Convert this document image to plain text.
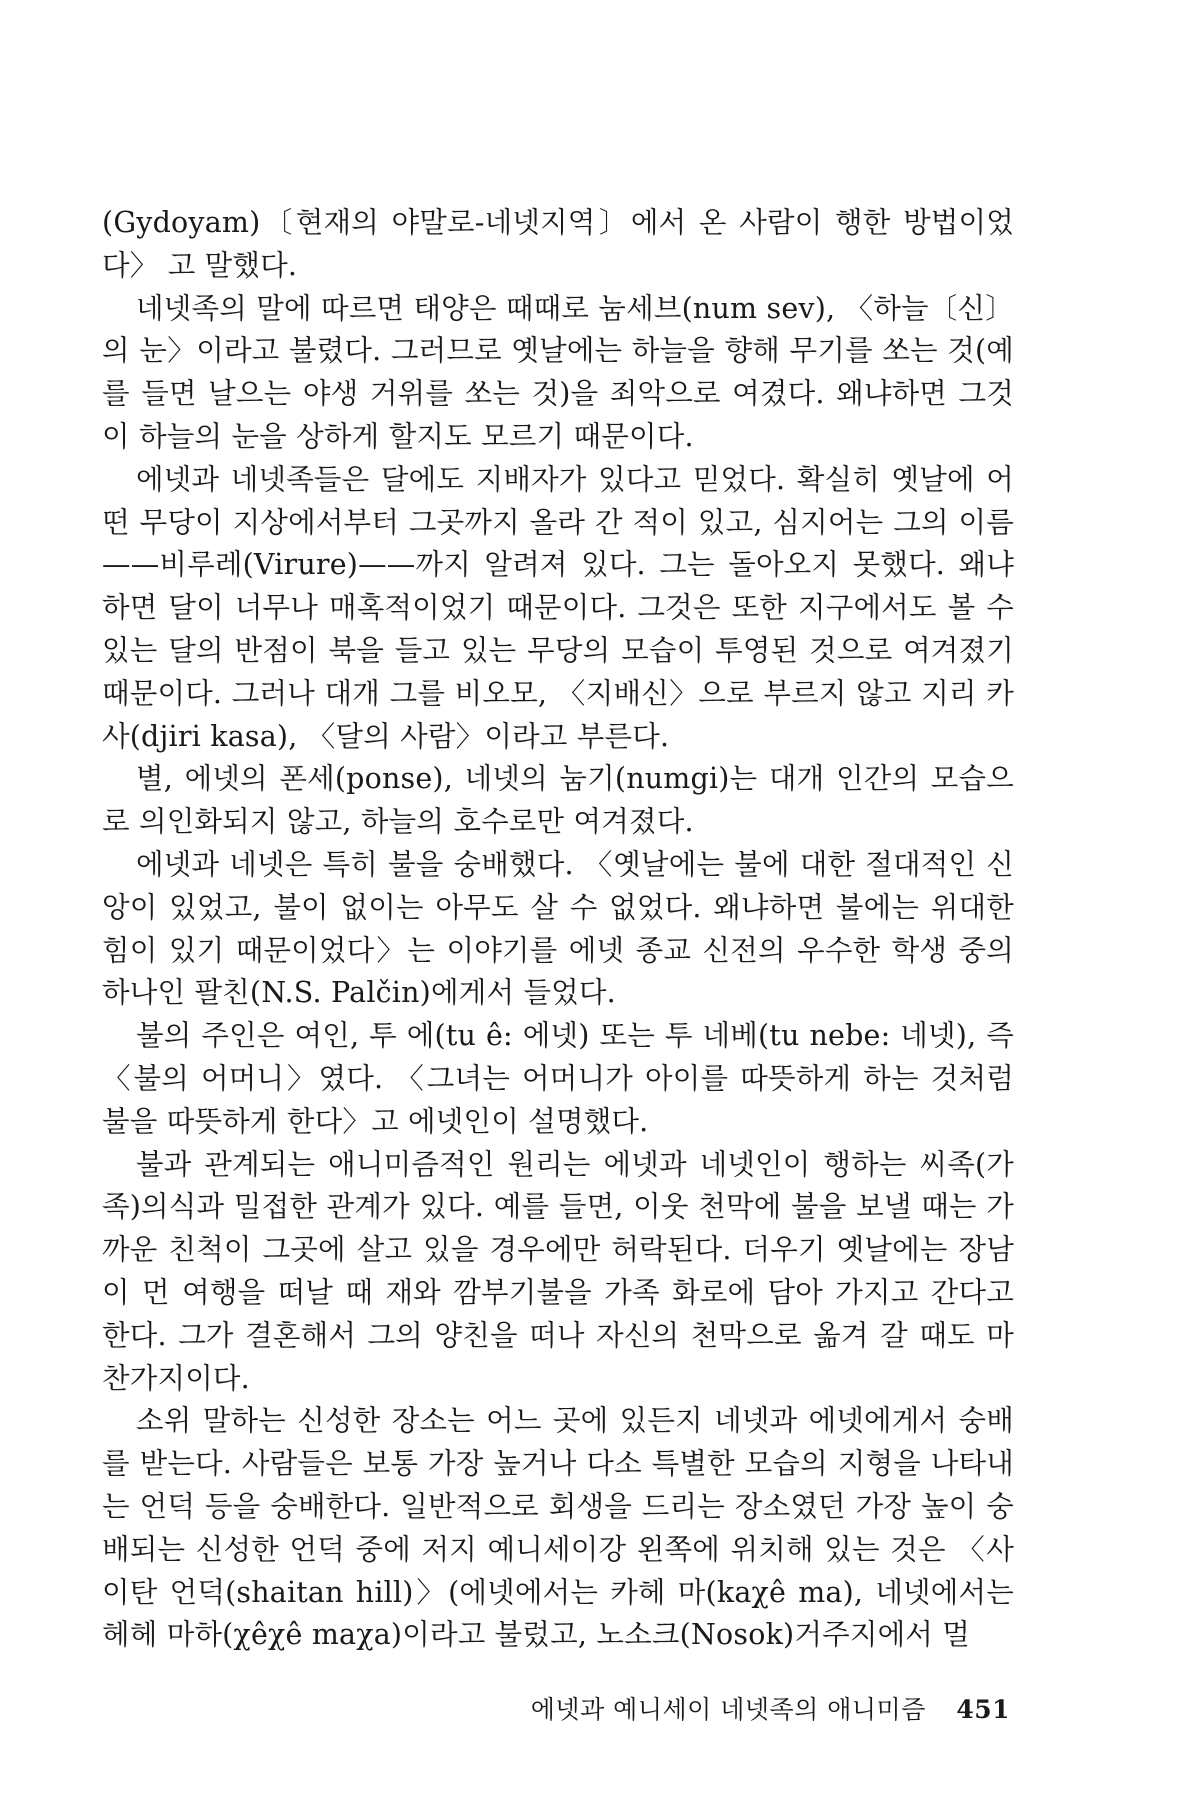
(Gydoyam)〔현재의 야말로-네넷지역〕에서 온 사람이 행한 방법이었다〉 고 말했다.

네넷족의 말에 따르면 태양은 때때로 눔세브(num sev), 〈하늘〔신〕의 눈〉이라고 불렸다. 그러므로 옛날에는 하늘을 향해 무기를 쏘는 것(예를 들면 날으는 야생 거위를 쏘는 것)을 죄악으로 여겼다. 왜냐하면 그것이 하늘의 눈을 상하게 할지도 모르기 때문이다.

에넷과 네넷족들은 달에도 지배자가 있다고 믿었다. 확실히 옛날에 어떤 무당이 지상에서부터 그곳까지 올라 간 적이 있고, 심지어는 그의 이름——비루레(Virure)——까지 알려져 있다. 그는 돌아오지 못했다. 왜냐하면 달이 너무나 매혹적이었기 때문이다. 그것은 또한 지구에서도 볼 수 있는 달의 반점이 북을 들고 있는 무당의 모습이 투영된 것으로 여겨졌기 때문이다. 그러나 대개 그를 비오모, 〈지배신〉으로 부르지 않고 지리 카사(djiri kasa), 〈달의 사람〉이라고 부른다.

별, 에넷의 폰세(ponse), 네넷의 눔기(numgi)는 대개 인간의 모습으로 의인화되지 않고, 하늘의 호수로만 여겨졌다.

에넷과 네넷은 특히 불을 숭배했다. 〈옛날에는 불에 대한 절대적인 신앙이 있었고, 불이 없이는 아무도 살 수 없었다. 왜냐하면 불에는 위대한 힘이 있기 때문이었다〉는 이야기를 에넷 종교 신전의 우수한 학생 중의 하나인 팔친(N.S. Palčin)에게서 들었다.

불의 주인은 여인, 투 에(tu ê: 에넷) 또는 투 네베(tu nebe: 네넷), 즉 〈불의 어머니〉였다. 〈그녀는 어머니가 아이를 따뜻하게 하는 것처럼 불을 따뜻하게 한다〉고 에넷인이 설명했다.

불과 관계되는 애니미즘적인 원리는 에넷과 네넷인이 행하는 씨족(가족)의식과 밀접한 관계가 있다. 예를 들면, 이웃 천막에 불을 보낼 때는 가까운 친척이 그곳에 살고 있을 경우에만 허락된다. 더우기 옛날에는 장남이 먼 여행을 떠날 때 재와 깜부기불을 가족 화로에 담아 가지고 간다고 한다. 그가 결혼해서 그의 양친을 떠나 자신의 천막으로 옮겨 갈 때도 마찬가지이다.

소위 말하는 신성한 장소는 어느 곳에 있든지 네넷과 에넷에게서 숭배를 받는다. 사람들은 보통 가장 높거나 다소 특별한 모습의 지형을 나타내는 언덕 등을 숭배한다. 일반적으로 회생을 드리는 장소였던 가장 높이 숭배되는 신성한 언덕 중에 저지 예니세이강 왼쪽에 위치해 있는 것은 〈사이탄 언덕(shaitan hill)〉(에넷에서는 카헤 마(kaχê ma), 네넷에서는 헤헤 마하(χêχê maχa)이라고 불렀고, 노소크(Nosok)거주지에서 멀

에넷과 예니세이 네넷족의 애니미즘 451
